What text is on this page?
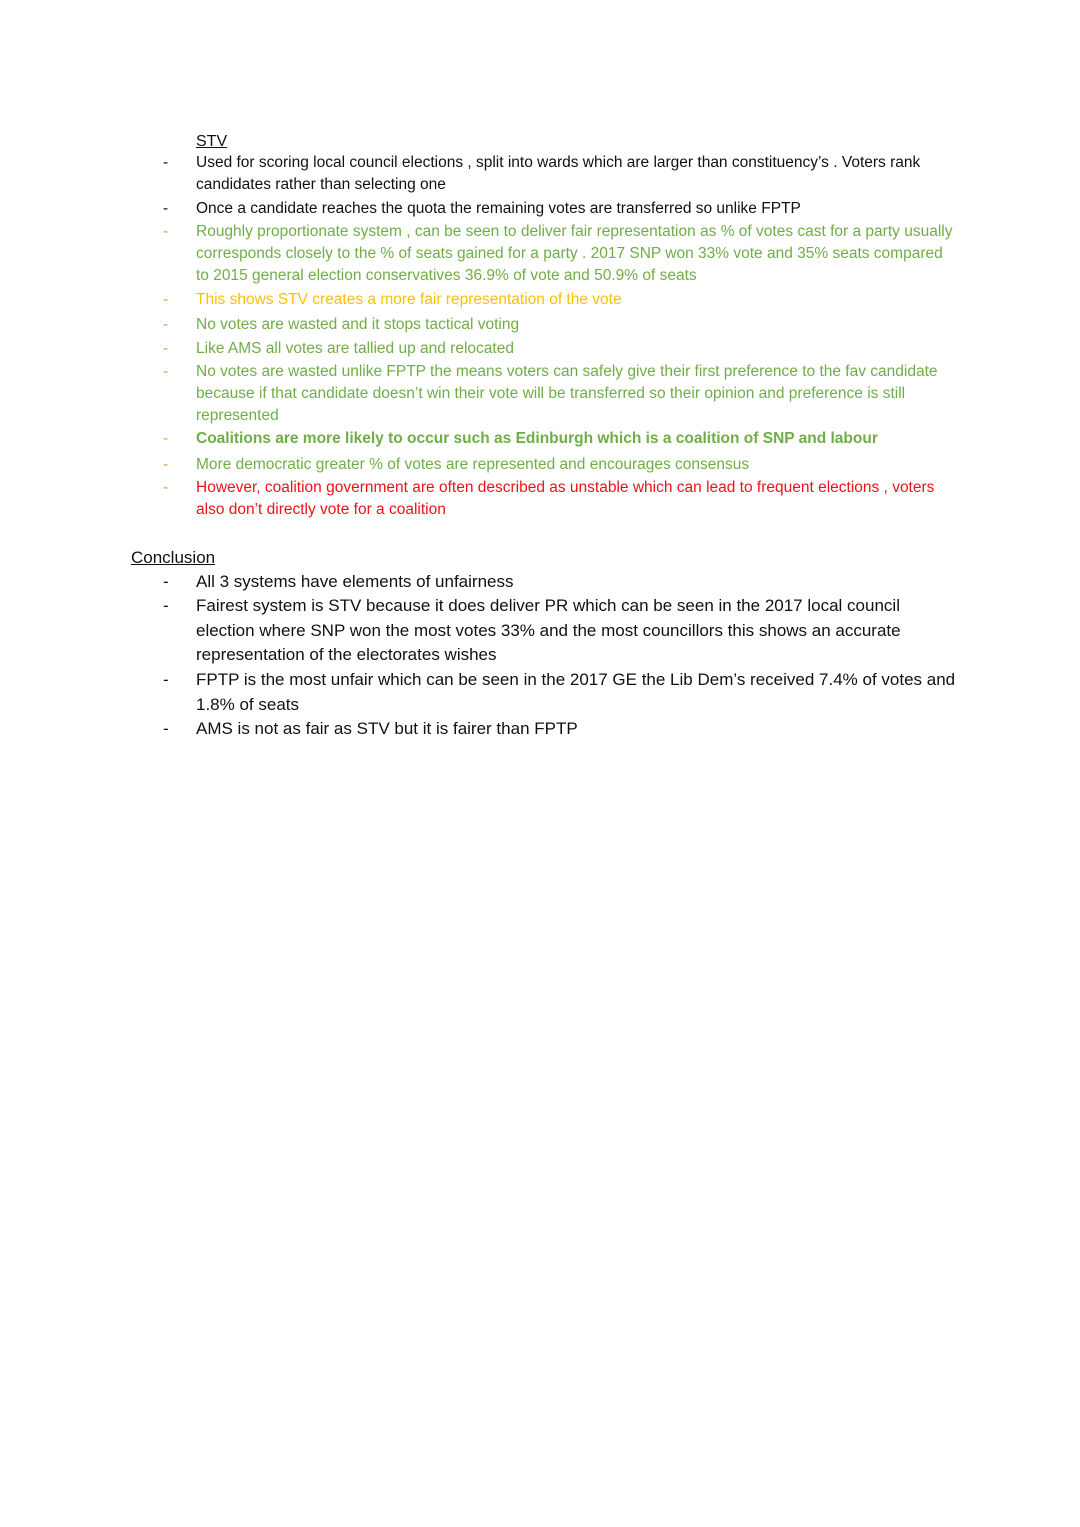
STV
- Used for scoring local council elections , split into wards which are larger than constituency’s . Voters rank candidates rather than selecting one
- Once a candidate reaches the quota the remaining votes are transferred so unlike FPTP
- Roughly proportionate system , can be seen to deliver fair representation as % of votes cast for a party usually corresponds closely to the % of seats gained for a party . 2017 SNP won 33% vote and 35% seats compared to 2015 general election conservatives 36.9% of vote and 50.9% of seats
- This shows STV creates a more fair representation of the vote
- No votes are wasted and it stops tactical voting
- Like AMS all votes are tallied up and relocated
- No votes are wasted unlike FPTP the means voters can safely give their first preference to the fav candidate because if that candidate doesn’t win their vote will be transferred so their opinion and preference is still represented
- Coalitions are more likely to occur such as Edinburgh which is a coalition of SNP and labour
- More democratic greater % of votes are represented and encourages consensus
- However, coalition government are often described as unstable which can lead to frequent elections , voters also don’t directly vote for a coalition
Conclusion
- All 3 systems have elements of unfairness
- Fairest system is STV because it does deliver PR which can be seen in the 2017 local council election where SNP won the most votes 33% and the most councillors this shows an accurate representation of the electorates wishes
- FPTP is the most unfair which can be seen in the 2017 GE the Lib Dem’s received 7.4% of votes and 1.8% of seats
- AMS is not as fair as STV but it is fairer than FPTP
